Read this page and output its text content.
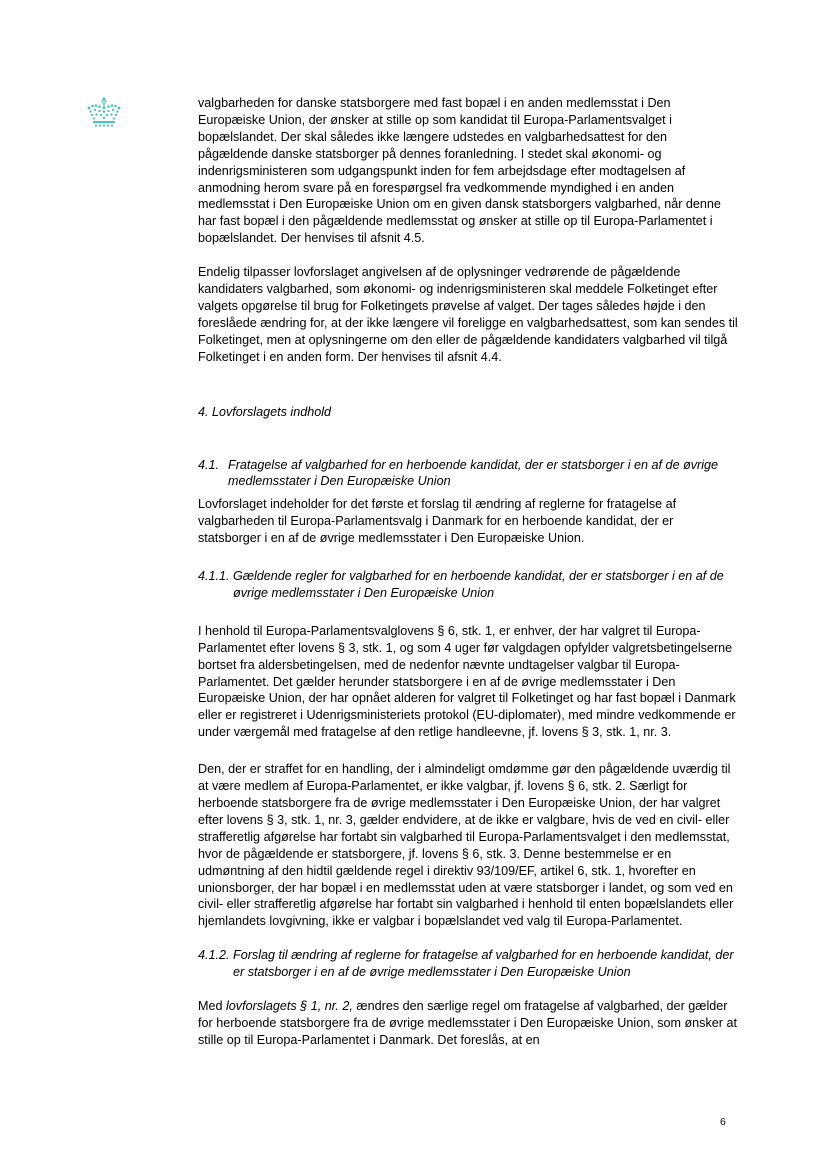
valgbarheden for danske statsborgere med fast bopæl i en anden medlemsstat i Den Europæiske Union, der ønsker at stille op som kandidat til Europa-Parlamentsvalget i bopælslandet. Der skal således ikke længere udstedes en valgbarhedsattest for den pågældende danske statsborger på dennes foranledning. I stedet skal økonomi- og indenrigsministeren som udgangspunkt inden for fem arbejdsdage efter modtagelsen af anmodning herom svare på en forespørgsel fra vedkommende myndighed i en anden medlemsstat i Den Europæiske Union om en given dansk statsborgers valgbarhed, når denne har fast bopæl i den pågældende medlemsstat og ønsker at stille op til Europa-Parlamentet i bopælslandet. Der henvises til afsnit 4.5.

Endelig tilpasser lovforslaget angivelsen af de oplysninger vedrørende de pågældende kandidaters valgbarhed, som økonomi- og indenrigsministeren skal meddele Folketinget efter valgets opgørelse til brug for Folketingets prøvelse af valget. Der tages således højde i den foreslåede ændring for, at der ikke længere vil foreligge en valgbarhedsattest, som kan sendes til Folketinget, men at oplysningerne om den eller de pågældende kandidaters valgbarhed vil tilgå Folketinget i en anden form. Der henvises til afsnit 4.4.

4. Lovforslagets indhold

4.1. Fratagelse af valgbarhed for en herboende kandidat, der er statsborger i en af de øvrige medlemsstater i Den Europæiske Union

Lovforslaget indeholder for det første et forslag til ændring af reglerne for fratagelse af valgbarheden til Europa-Parlamentsvalg i Danmark for en herboende kandidat, der er statsborger i en af de øvrige medlemsstater i Den Europæiske Union.

4.1.1. Gældende regler for valgbarhed for en herboende kandidat, der er statsborger i en af de øvrige medlemsstater i Den Europæiske Union

I henhold til Europa-Parlamentsvalglovens § 6, stk. 1, er enhver, der har valgret til Europa-Parlamentet efter lovens § 3, stk. 1, og som 4 uger før valgdagen opfylder valgretsbetingelserne bortset fra aldersbetingelsen, med de nedenfor nævnte undtagelser valgbar til Europa-Parlamentet. Det gælder herunder statsborgere i en af de øvrige medlemsstater i Den Europæiske Union, der har opnået alderen for valgret til Folketinget og har fast bopæl i Danmark eller er registreret i Udenrigsministeriets protokol (EU-diplomater), med mindre vedkommende er under værgemål med fratagelse af den retlige handleevne, jf. lovens § 3, stk. 1, nr. 3.

Den, der er straffet for en handling, der i almindeligt omdømme gør den pågældende uværdig til at være medlem af Europa-Parlamentet, er ikke valgbar, jf. lovens § 6, stk. 2. Særligt for herboende statsborgere fra de øvrige medlemsstater i Den Europæiske Union, der har valgret efter lovens § 3, stk. 1, nr. 3, gælder endvidere, at de ikke er valgbare, hvis de ved en civil- eller strafferetlig afgørelse har fortabt sin valgbarhed til Europa-Parlamentsvalget i den medlemsstat, hvor de pågældende er statsborgere, jf. lovens § 6, stk. 3. Denne bestemmelse er en udmøntning af den hidtil gældende regel i direktiv 93/109/EF, artikel 6, stk. 1, hvorefter en unionsborger, der har bopæl i en medlemsstat uden at være statsborger i landet, og som ved en civil- eller strafferetlig afgørelse har fortabt sin valgbarhed i henhold til enten bopælslandets eller hjemlandets lovgivning, ikke er valgbar i bopælslandet ved valg til Europa-Parlamentet.

4.1.2. Forslag til ændring af reglerne for fratagelse af valgbarhed for en herboende kandidat, der er statsborger i en af de øvrige medlemsstater i Den Europæiske Union

Med lovforslagets § 1, nr. 2, ændres den særlige regel om fratagelse af valgbarhed, der gælder for herboende statsborgere fra de øvrige medlemsstater i Den Europæiske Union, som ønsker at stille op til Europa-Parlamentet i Danmark. Det foreslås, at en

6
